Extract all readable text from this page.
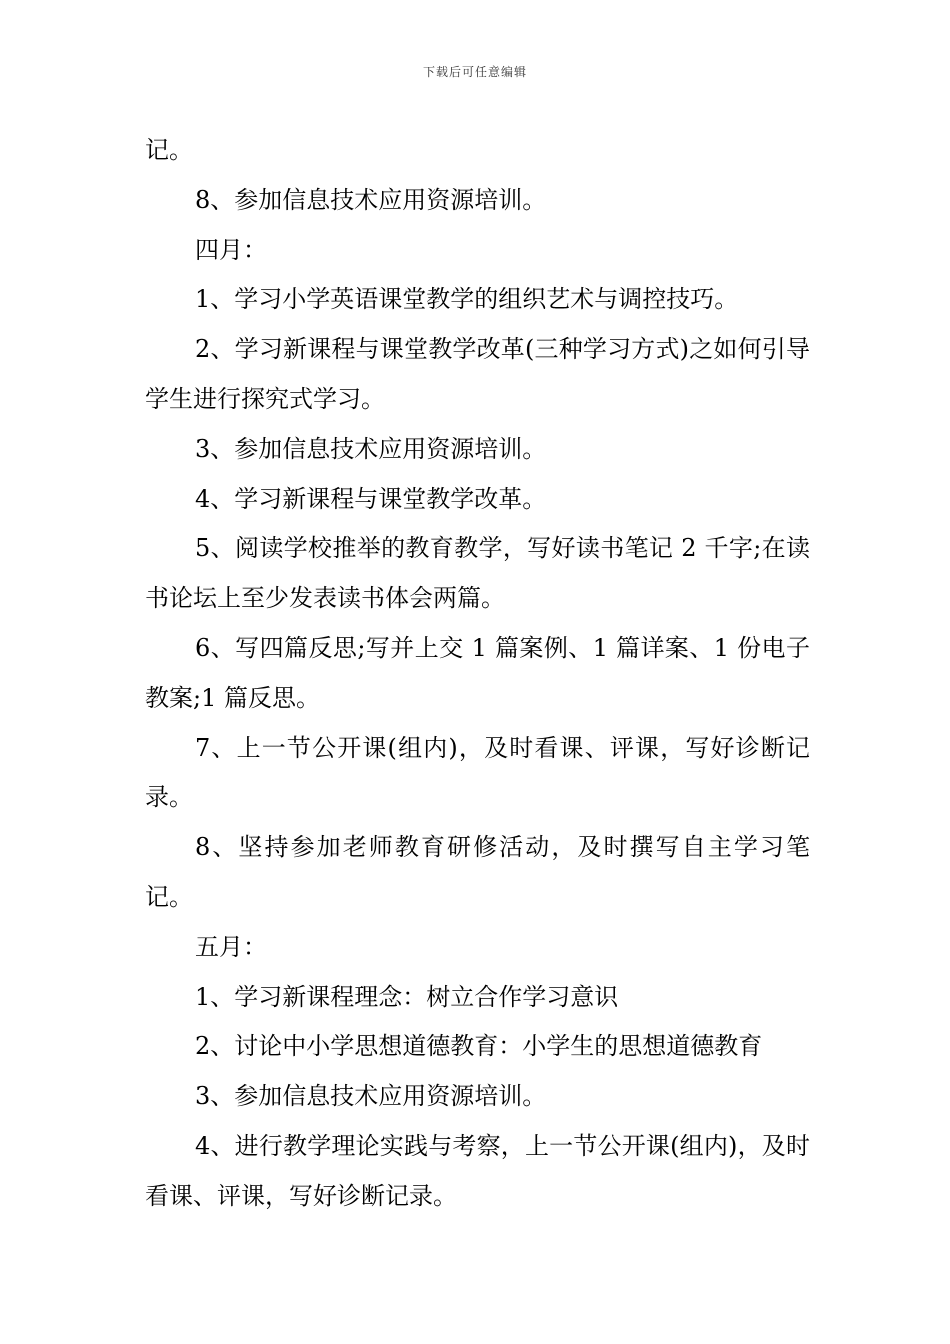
下载后可任意编辑

记。

8、参加信息技术应用资源培训。

四月：

1、学习小学英语课堂教学的组织艺术与调控技巧。

2、学习新课程与课堂教学改革(三种学习方式)之如何引导学生进行探究式学习。

3、参加信息技术应用资源培训。

4、学习新课程与课堂教学改革。

5、阅读学校推举的教育教学，写好读书笔记 2 千字;在读书论坛上至少发表读书体会两篇。

6、写四篇反思;写并上交 1 篇案例、1 篇详案、1 份电子教案;1 篇反思。

7、上一节公开课(组内)，及时看课、评课，写好诊断记录。

8、坚持参加老师教育研修活动，及时撰写自主学习笔记。

五月：

1、学习新课程理念：树立合作学习意识

2、讨论中小学思想道德教育：小学生的思想道德教育

3、参加信息技术应用资源培训。

4、进行教学理论实践与考察，上一节公开课(组内)，及时看课、评课，写好诊断记录。
